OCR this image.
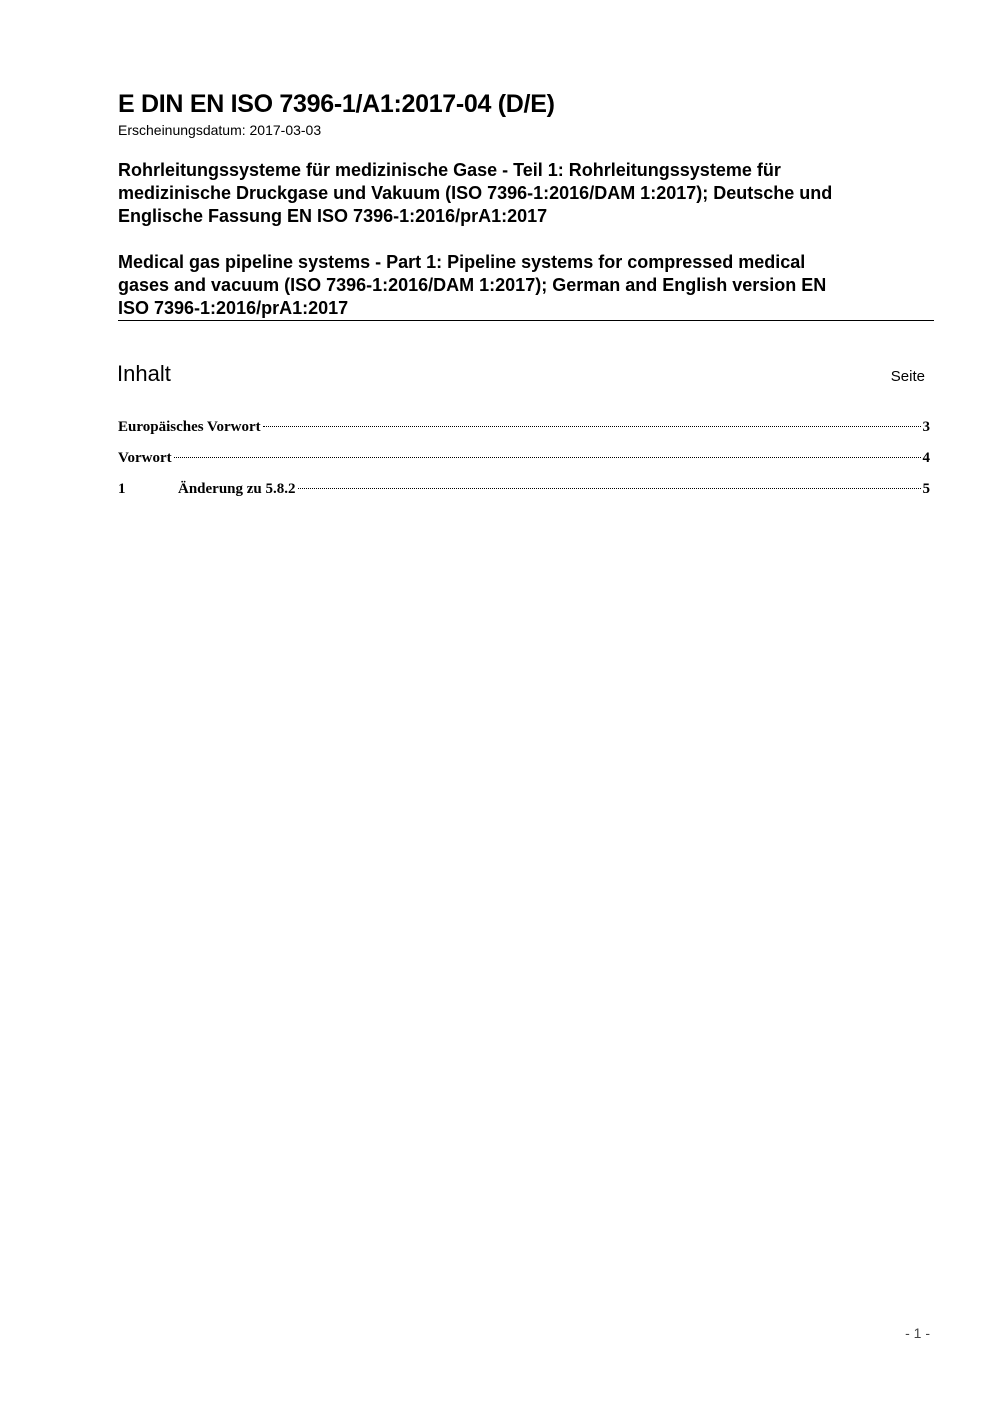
E DIN EN ISO 7396-1/A1:2017-04 (D/E)
Erscheinungsdatum: 2017-03-03
Rohrleitungssysteme für medizinische Gase - Teil 1: Rohrleitungssysteme für
medizinische Druckgase und Vakuum (ISO 7396-1:2016/DAM 1:2017); Deutsche und
Englische Fassung EN ISO 7396-1:2016/prA1:2017
Medical gas pipeline systems - Part 1: Pipeline systems for compressed medical
gases and vacuum (ISO 7396-1:2016/DAM 1:2017); German and English version EN
ISO 7396-1:2016/prA1:2017
Inhalt	Seite
Europäisches Vorwort	3
Vorwort	4
1	Änderung zu 5.8.2	5
- 1 -
